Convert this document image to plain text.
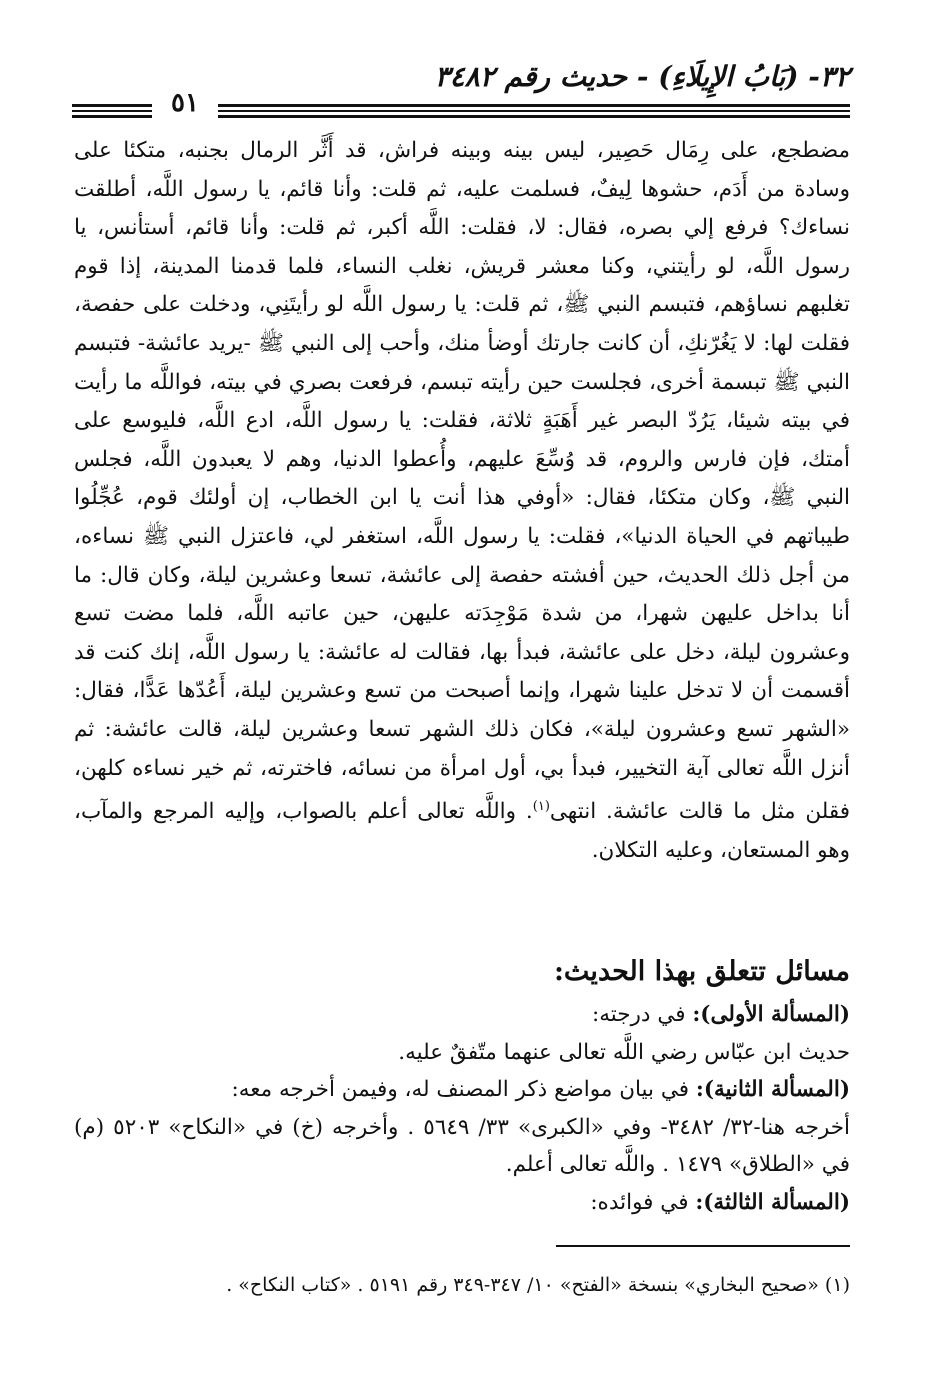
٣٢- (بَابُ الإِيلَاءِ) - حديث رقم ٣٤٨٢
٥١

مضطجع، على رِمَال حَصِير، ليس بينه وبينه فراش، قد أَثَّر الرمال بجنبه، متكئا على وسادة من أَدَم، حشوها لِيفٌ، فسلمت عليه، ثم قلت: وأنا قائم، يا رسول اللَّه، أطلقت نساءك؟ فرفع إلي بصره، فقال: لا، فقلت: اللَّه أكبر، ثم قلت: وأنا قائم، أستأنس، يا رسول اللَّه، لو رأيتني، وكنا معشر قريش، نغلب النساء، فلما قدمنا المدينة، إذا قوم تغلبهم نساؤهم، فتبسم النبي ﷺ، ثم قلت: يا رسول اللَّه لو رأيتَنِي، ودخلت على حفصة، فقلت لها: لا يَغُرّنكِ، أن كانت جارتك أوضأ منك، وأحب إلى النبي ﷺ -يريد عائشة- فتبسم النبي ﷺ تبسمة أخرى، فجلست حين رأيته تبسم، فرفعت بصري في بيته، فواللَّه ما رأيت في بيته شيئا، يَرُدّ البصر غير أَهَبَةٍ ثلاثة، فقلت: يا رسول اللَّه، ادع اللَّه، فليوسع على أمتك، فإن فارس والروم، قد وُسِّعَ عليهم، وأُعطوا الدنيا، وهم لا يعبدون اللَّه، فجلس النبي ﷺ، وكان متكئا، فقال: «أوفي هذا أنت يا ابن الخطاب، إن أولئك قوم، عُجِّلُوا طيباتهم في الحياة الدنيا»، فقلت: يا رسول اللَّه، استغفر لي، فاعتزل النبي ﷺ نساءه، من أجل ذلك الحديث، حين أفشته حفصة إلى عائشة، تسعا وعشرين ليلة، وكان قال: ما أنا بداخل عليهن شهرا، من شدة مَوْجِدَته عليهن، حين عاتبه اللَّه، فلما مضت تسع وعشرون ليلة، دخل على عائشة، فبدأ بها، فقالت له عائشة: يا رسول اللَّه، إنك كنت قد أقسمت أن لا تدخل علينا شهرا، وإنما أصبحت من تسع وعشرين ليلة، أَعُدّها عَدًّا، فقال: «الشهر تسع وعشرون ليلة»، فكان ذلك الشهر تسعا وعشرين ليلة، قالت عائشة: ثم أنزل اللَّه تعالى آية التخيير، فبدأ بي، أول امرأة من نسائه، فاخترته، ثم خير نساءه كلهن، فقلن مثل ما قالت عائشة. انتهى$^{(١)}$. واللَّه تعالى أعلم بالصواب، وإليه المرجع والمآب، وهو المستعان، وعليه التكلان.

مسائل تتعلق بهذا الحديث:

(المسألة الأولى): في درجته:

حديث ابن عبّاس رضي اللَّه تعالى عنهما متّفقٌ عليه.

(المسألة الثانية): في بيان مواضع ذكر المصنف له، وفيمن أخرجه معه:

أخرجه هنا-٣٢/ ٣٤٨٢- وفي «الكبرى» ٣٣/ ٥٦٤٩ . وأخرجه (خ) في «النكاح» ٥٢٠٣ (م) في «الطلاق» ١٤٧٩ . واللَّه تعالى أعلم.

(المسألة الثالثة): في فوائده:

(١) «صحيح البخاري» بنسخة «الفتح» ١٠/ ٣٤٧-٣٤٩ رقم ٥١٩١ . «كتاب النكاح» .
